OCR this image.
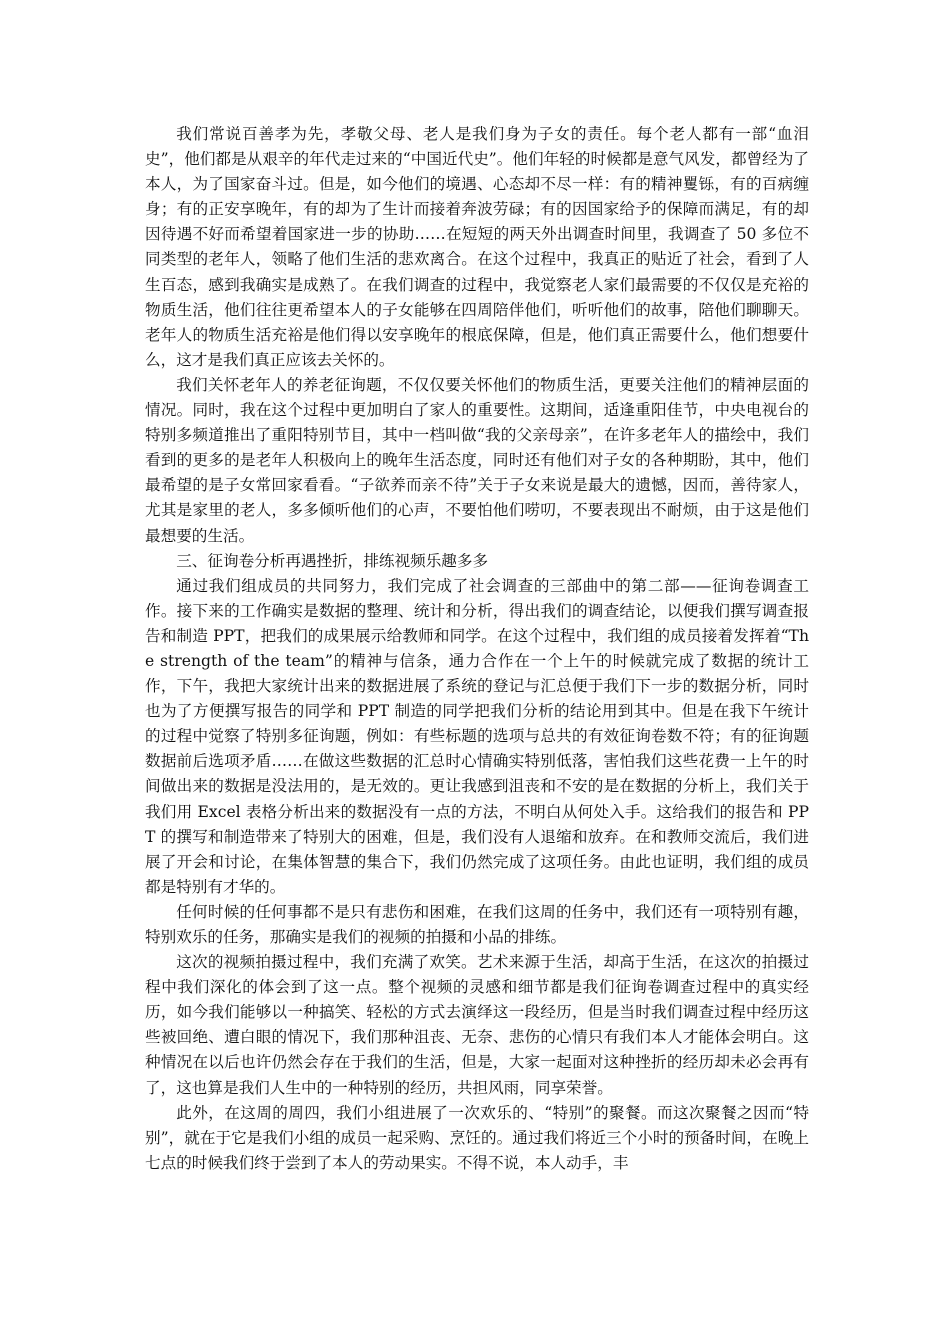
我们常说百善孝为先，孝敬父母、老人是我们身为子女的责任。每个老人都有一部“血泪史”，他们都是从艰辛的年代走过来的“中国近代史”。他们年轻的时候都是意气风发，都曾经为了本人，为了国家奋斗过。但是，如今他们的境遇、心态却不尽一样：有的精神矍铄，有的百病缠身；有的正安享晚年，有的却为了生计而接着奔波劳碌；有的因国家给予的保障而满足，有的却因待遇不好而希望着国家进一步的协助……在短短的两天外出调查时间里，我调查了 50 多位不同类型的老年人，领略了他们生活的悲欢离合。在这个过程中，我真正的贴近了社会，看到了人生百态，感到我确实是成熟了。在我们调查的过程中，我觉察老人家们最需要的不仅仅是充裕的物质生活，他们往往更希望本人的子女能够在四周陪伴他们，听听他们的故事，陪他们聊聊天。老年人的物质生活充裕是他们得以安享晚年的根底保障，但是，他们真正需要什么，他们想要什么，这才是我们真正应该去关怀的。

我们关怀老年人的养老征询题，不仅仅要关怀他们的物质生活，更要关注他们的精神层面的情况。同时，我在这个过程中更加明白了家人的重要性。这期间，适逢重阳佳节，中央电视台的特别多频道推出了重阳特别节目，其中一档叫做“我的父亲母亲”，在许多老年人的描绘中，我们看到的更多的是老年人积极向上的晚年生活态度，同时还有他们对子女的各种期盼，其中，他们最希望的是子女常回家看看。“子欲养而亲不待”关于子女来说是最大的遗憾，因而，善待家人，尤其是家里的老人，多多倾听他们的心声，不要怕他们唠叨，不要表现出不耐烦，由于这是他们最想要的生活。

三、征询卷分析再遇挫折，排练视频乐趣多多

通过我们组成员的共同努力，我们完成了社会调查的三部曲中的第二部——征询卷调查工作。接下来的工作确实是数据的整理、统计和分析，得出我们的调查结论，以便我们撰写调查报告和制造 PPT，把我们的成果展示给教师和同学。在这个过程中，我们组的成员接着发挥着“The strength of the team”的精神与信条，通力合作在一个上午的时候就完成了数据的统计工作，下午，我把大家统计出来的数据进展了系统的登记与汇总便于我们下一步的数据分析，同时也为了方便撰写报告的同学和 PPT 制造的同学把我们分析的结论用到其中。但是在我下午统计的过程中觉察了特别多征询题，例如：有些标题的选项与总共的有效征询卷数不符；有的征询题数据前后选项矛盾……在做这些数据的汇总时心情确实特别低落，害怕我们这些花费一上午的时间做出来的数据是没法用的，是无效的。更让我感到沮丧和不安的是在数据的分析上，我们关于我们用 Excel 表格分析出来的数据没有一点的方法，不明白从何处入手。这给我们的报告和 PPT 的撰写和制造带来了特别大的困难，但是，我们没有人退缩和放弃。在和教师交流后，我们进展了开会和讨论，在集体智慧的集合下，我们仍然完成了这项任务。由此也证明，我们组的成员都是特别有才华的。

任何时候的任何事都不是只有悲伤和困难，在我们这周的任务中，我们还有一项特别有趣，特别欢乐的任务，那确实是我们的视频的拍摄和小品的排练。

这次的视频拍摄过程中，我们充满了欢笑。艺术来源于生活，却高于生活，在这次的拍摄过程中我们深化的体会到了这一点。整个视频的灵感和细节都是我们征询卷调查过程中的真实经历，如今我们能够以一种搞笑、轻松的方式去演绎这一段经历，但是当时我们调查过程中经历这些被回绝、遭白眼的情况下，我们那种沮丧、无奈、悲伤的心情只有我们本人才能体会明白。这种情况在以后也许仍然会存在于我们的生活，但是，大家一起面对这种挫折的经历却未必会再有了，这也算是我们人生中的一种特别的经历，共担风雨，同享荣誉。

此外，在这周的周四，我们小组进展了一次欢乐的、“特别”的聚餐。而这次聚餐之因而“特别”，就在于它是我们小组的成员一起采购、烹饪的。通过我们将近三个小时的预备时间，在晚上七点的时候我们终于尝到了本人的劳动果实。不得不说，本人动手，丰
